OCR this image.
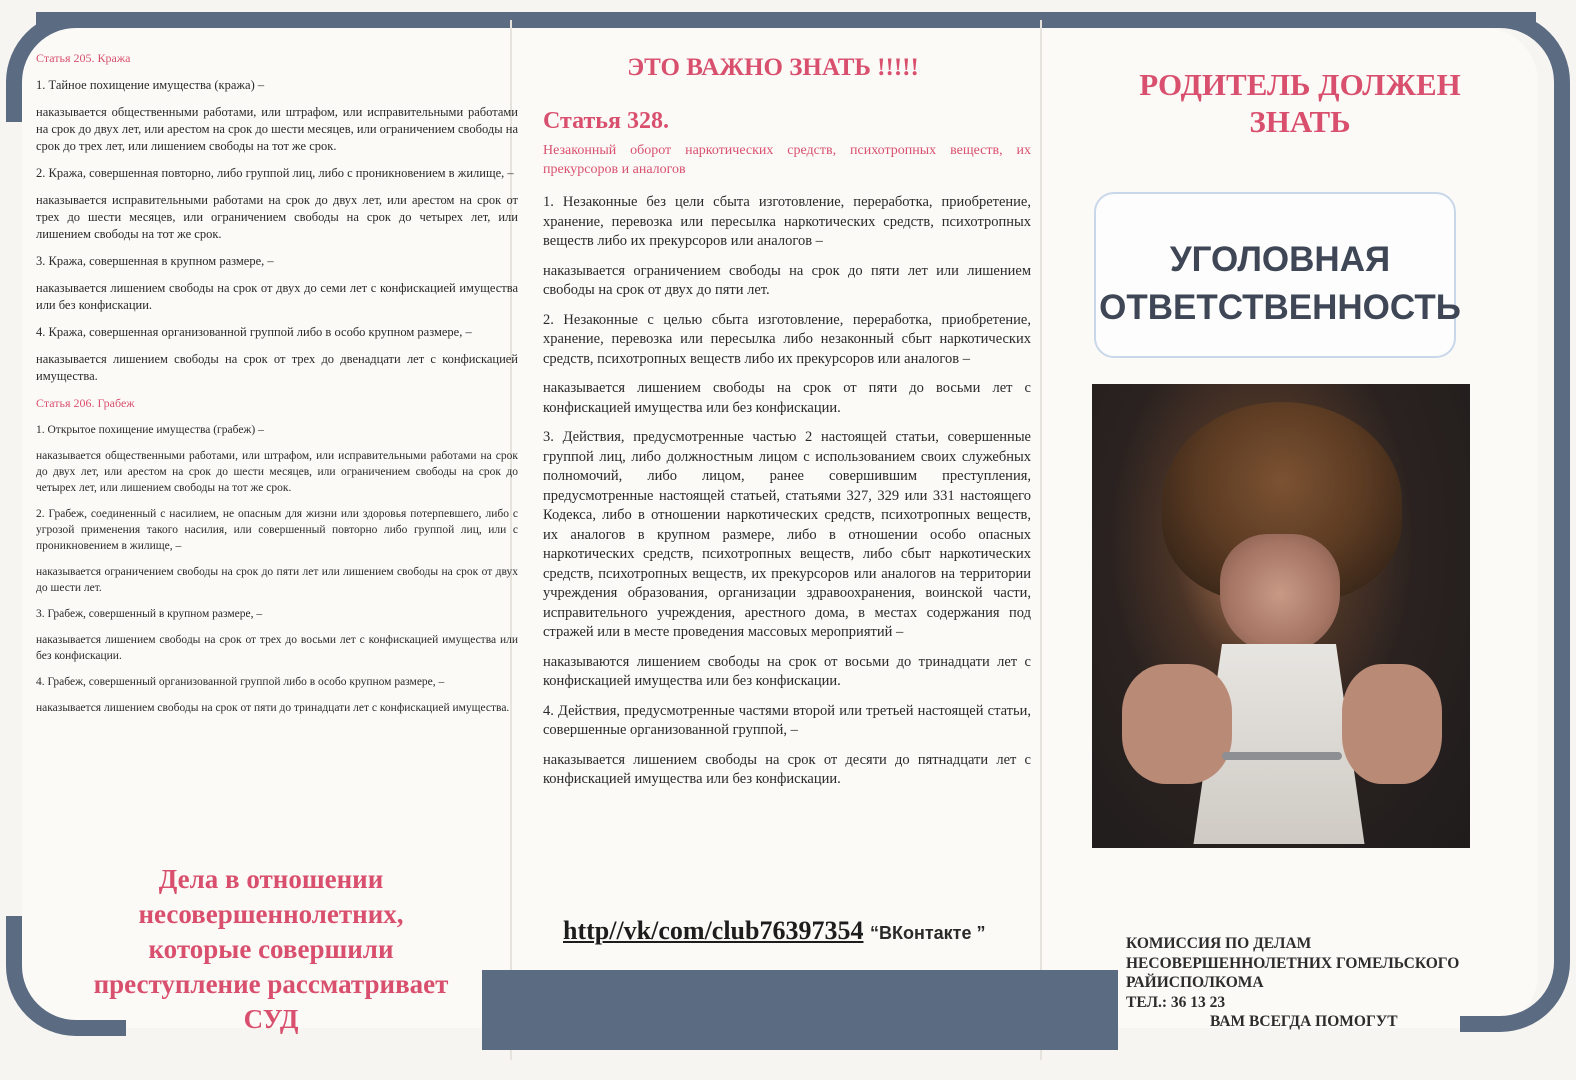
Статья 205. Кража

1. Тайное похищение имущества (кража) –

наказывается общественными работами, или штрафом, или исправительными работами на срок до двух лет, или арестом на срок до шести месяцев, или ограничением свободы на срок до трех лет, или лишением свободы на тот же срок.

2. Кража, совершенная повторно, либо группой лиц, либо с проникновением в жилище, –

наказывается исправительными работами на срок до двух лет, или арестом на срок от трех до шести месяцев, или ограничением свободы на срок до четырех лет, или лишением свободы на тот же срок.

3. Кража, совершенная в крупном размере, –

наказывается лишением свободы на срок от двух до семи лет с конфискацией имущества или без конфискации.

4. Кража, совершенная организованной группой либо в особо крупном размере, –

наказывается лишением свободы на срок от трех до двенадцати лет с конфискацией имущества.

Статья 206. Грабеж

1. Открытое похищение имущества (грабеж) –

наказывается общественными работами, или штрафом, или исправительными работами на срок до двух лет, или арестом на срок до шести месяцев, или ограничением свободы на срок до четырех лет, или лишением свободы на тот же срок.

2. Грабеж, соединенный с насилием, не опасным для жизни или здоровья потерпевшего, либо с угрозой применения такого насилия, или совершенный повторно либо группой лиц, или с проникновением в жилище, –

наказывается ограничением свободы на срок до пяти лет или лишением свободы на срок от двух до шести лет.

3. Грабеж, совершенный в крупном размере, –

наказывается лишением свободы на срок от трех до восьми лет с конфискацией имущества или без конфискации.

4. Грабеж, совершенный организованной группой либо в особо крупном размере, –

наказывается лишением свободы на срок от пяти до тринадцати лет с конфискацией имущества.

Дела в отношении
несовершеннолетних,
которые совершили
преступление рассматривает
СУД
ЭТО ВАЖНО ЗНАТЬ !!!!!
Статья 328.
Незаконный оборот наркотических средств, психотропных веществ, их прекурсоров и аналогов

1. Незаконные без цели сбыта изготовление, переработка, приобретение, хранение, перевозка или пересылка наркотических средств, психотропных веществ либо их прекурсоров или аналогов –

наказывается ограничением свободы на срок до пяти лет или лишением свободы на срок от двух до пяти лет.

2. Незаконные с целью сбыта изготовление, переработка, приобретение, хранение, перевозка или пересылка либо незаконный сбыт наркотических средств, психотропных веществ либо их прекурсоров или аналогов –

наказывается лишением свободы на срок от пяти до восьми лет с конфискацией имущества или без конфискации.

3. Действия, предусмотренные частью 2 настоящей статьи, совершенные группой лиц, либо должностным лицом с использованием своих служебных полномочий, либо лицом, ранее совершившим преступления, предусмотренные настоящей статьей, статьями 327, 329 или 331 настоящего Кодекса, либо в отношении наркотических средств, психотропных веществ, их аналогов в крупном размере, либо в отношении особо опасных наркотических средств, психотропных веществ, либо сбыт наркотических средств, психотропных веществ, их прекурсоров или аналогов на территории учреждения образования, организации здравоохранения, воинской части, исправительного учреждения, арестного дома, в местах содержания под стражей или в месте проведения массовых мероприятий –

наказываются лишением свободы на срок от восьми до тринадцати лет с конфискацией имущества или без конфискации.

4. Действия, предусмотренные частями второй или третьей настоящей статьи, совершенные организованной группой, –

наказывается лишением свободы на срок от десяти до пятнадцати лет с конфискацией имущества или без конфискации.

http//vk/com/club76397354 “ВКонтакте ”
РОДИТЕЛЬ ДОЛЖЕН
ЗНАТЬ
УГОЛОВНАЯ
ОТВЕТСТВЕННОСТЬ
КОМИССИЯ ПО ДЕЛАМ
НЕСОВЕРШЕННОЛЕТНИХ ГОМЕЛЬСКОГО
РАЙИСПОЛКОМА
ТЕЛ.: 36 13 23
ВАМ ВСЕГДА ПОМОГУТ
